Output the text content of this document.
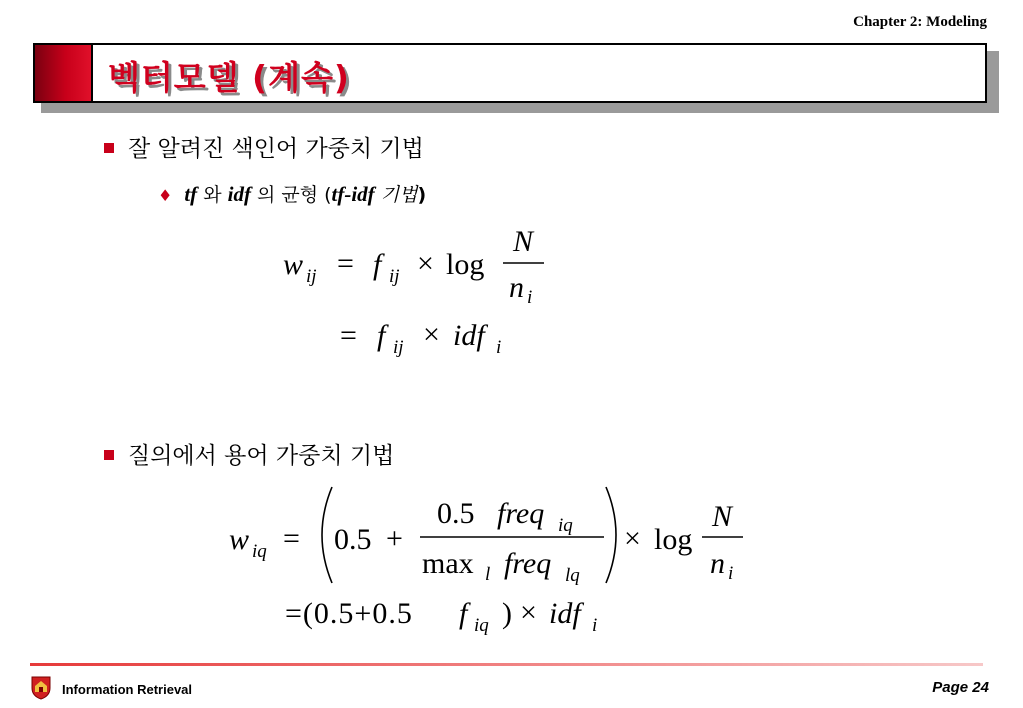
Chapter 2: Modeling
벡터모델 (계속)
잘 알려진 색인어 가중치 기법
♦ tf 와 idf 의 균형 (tf-idf 기법)
w ij = f ij × log
N
n i
= f ij × idf i
질의에서 용어 가중치 기법
w iq = 0.5 +
0.5 freq iq
max l freq lq
× log
N
n i
=(0.5+0.5 f iq ) × idf i
Information Retrieval	Page 24
